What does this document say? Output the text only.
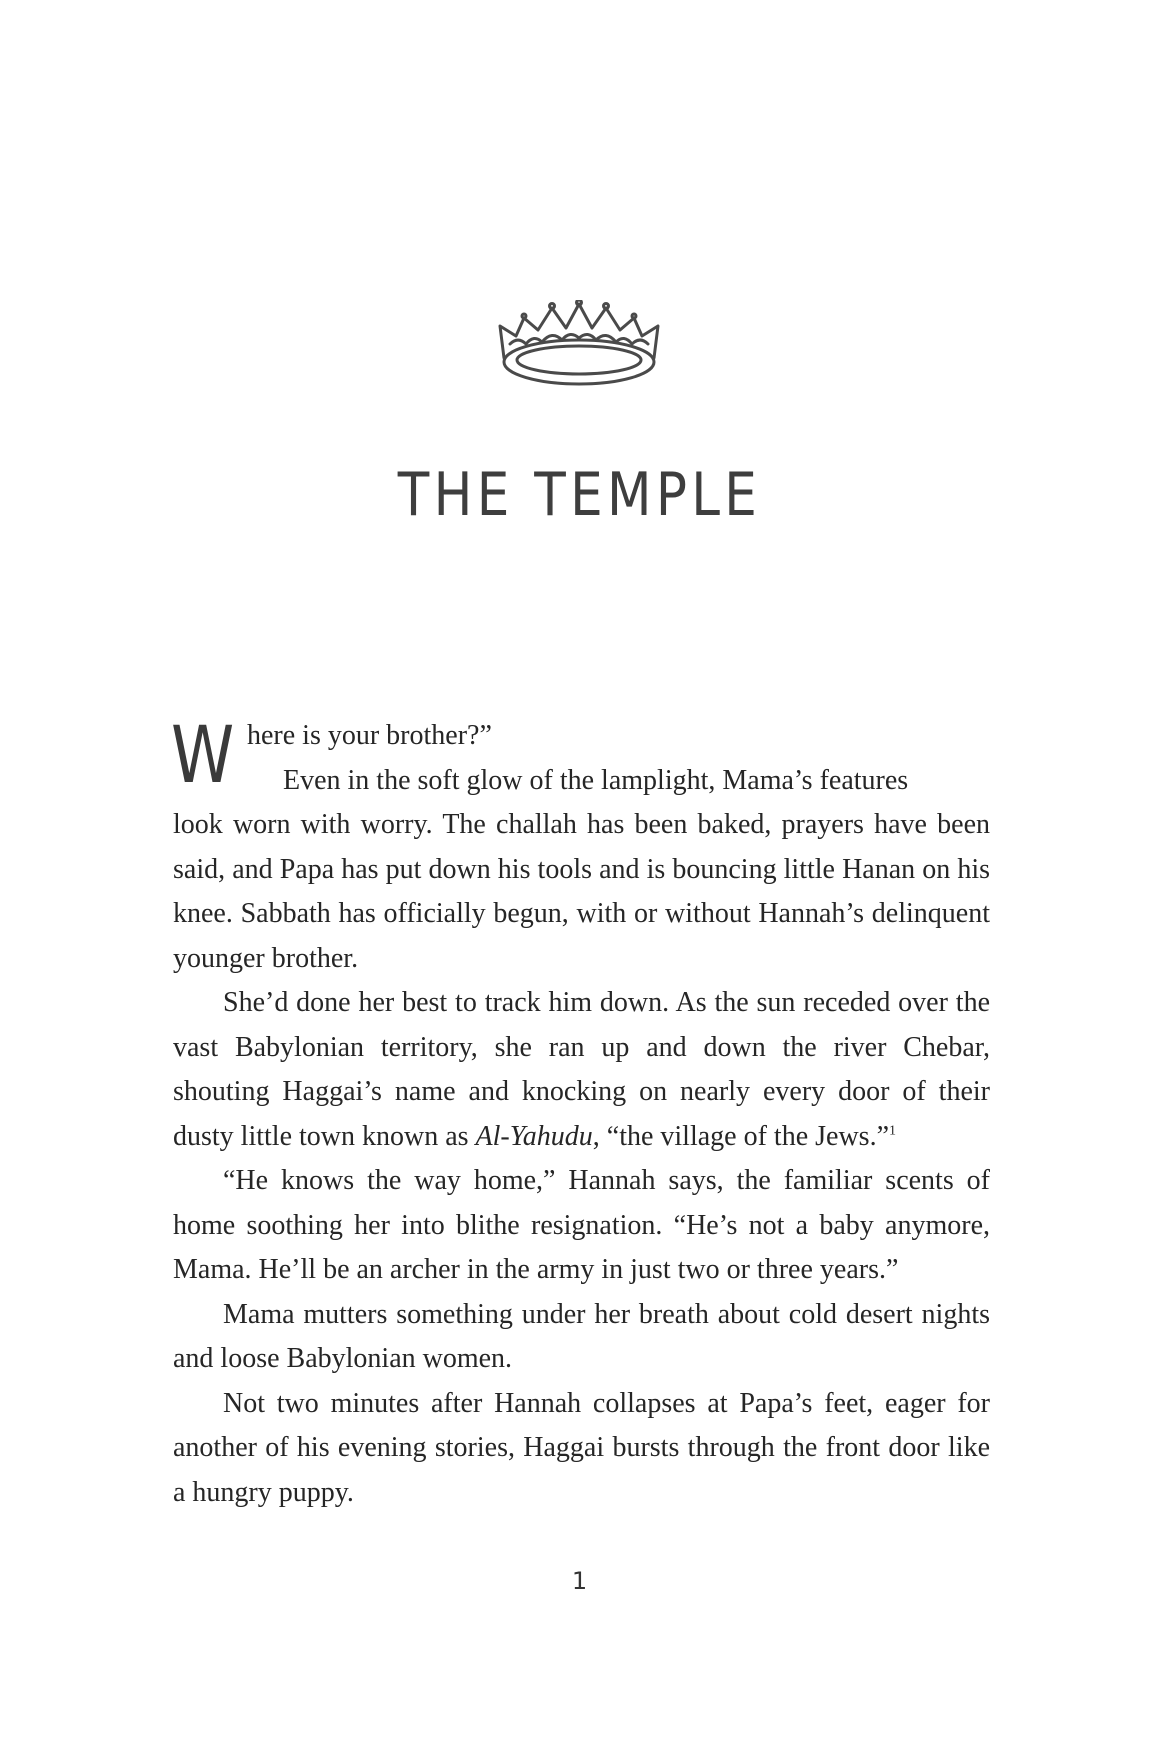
THE TEMPLE

W here is your brother?”
Even in the soft glow of the lamplight, Mama’s features
look worn with worry. The challah has been baked, prayers have been said, and Papa has put down his tools and is bouncing little Hanan on his knee. Sabbath has officially begun, with or without Hannah’s delinquent younger brother.

She’d done her best to track him down. As the sun receded over the vast Babylonian territory, she ran up and down the river Chebar, shouting Haggai’s name and knocking on nearly every door of their dusty little town known as Al-Yahudu, “the village of the Jews.”$^1$

“He knows the way home,” Hannah says, the familiar scents of home soothing her into blithe resignation. “He’s not a baby anymore, Mama. He’ll be an archer in the army in just two or three years.”

Mama mutters something under her breath about cold desert nights and loose Babylonian women.

Not two minutes after Hannah collapses at Papa’s feet, eager for another of his evening stories, Haggai bursts through the front door like a hungry puppy.

1
